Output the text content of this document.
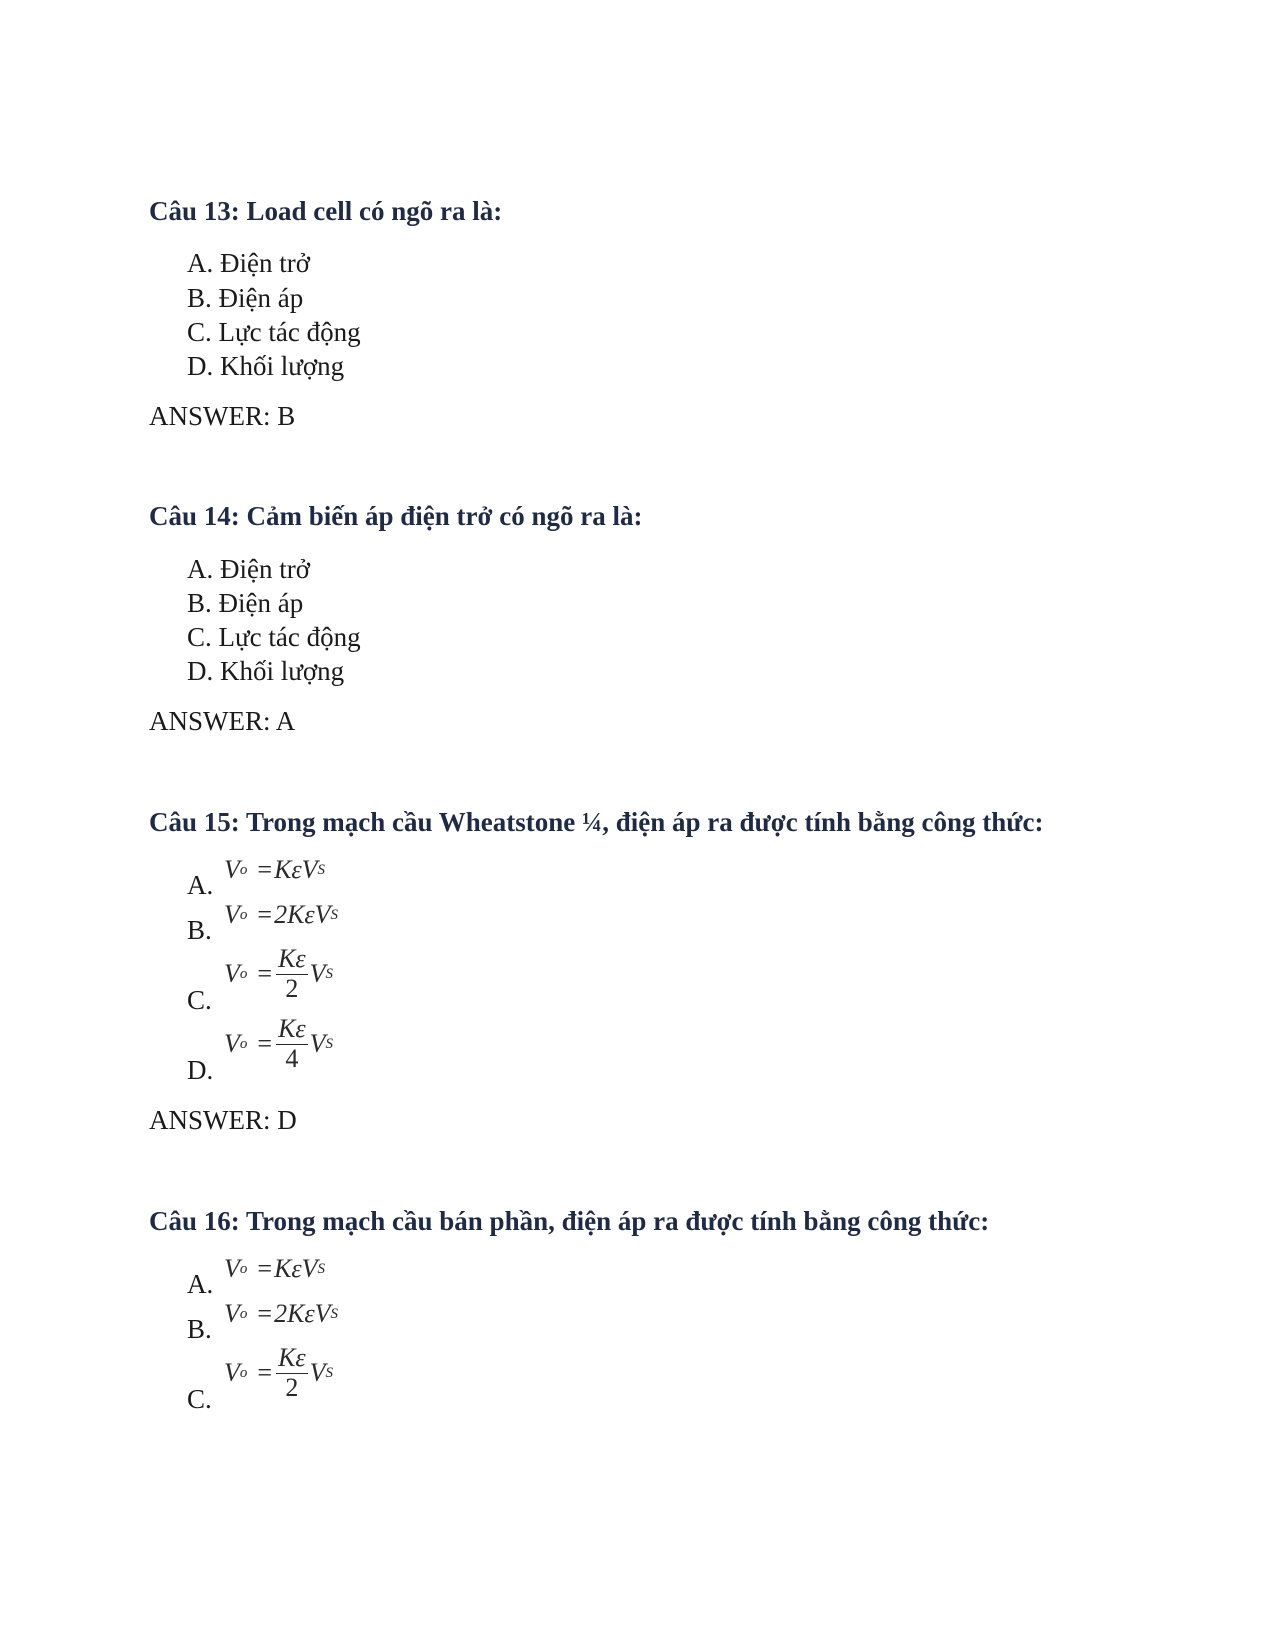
Câu 13: Load cell có ngõ ra là:
A. Điện trở
B. Điện áp
C. Lực tác động
D. Khối lượng
ANSWER: B
Câu 14: Cảm biến áp điện trở có ngõ ra là:
A. Điện trở
B. Điện áp
C. Lực tác động
D. Khối lượng
ANSWER: A
Câu 15: Trong mạch cầu Wheatstone ¼, điện áp ra được tính bằng công thức:
A.
V o = Kε V S
B.
V o = 2Kε V S
C.
V $o = \frac{K\varepsilon}{2}$ V S
D.
V $o = \frac{K\varepsilon}{4}$ V S
ANSWER: D
Câu 16: Trong mạch cầu bán phần, điện áp ra được tính bằng công thức:
A.
V o = Kε V S
B.
V o = 2Kε V S
C.
V $o = \frac{K\varepsilon}{2}$ V S
